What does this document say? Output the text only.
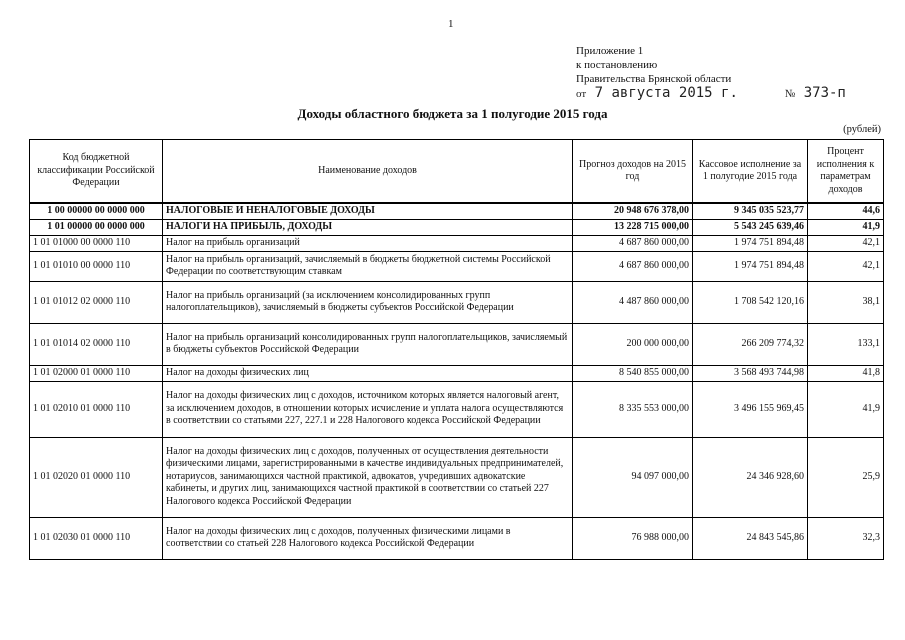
1
Приложение 1
к постановлению
Правительства Брянской области
от 7 августа 2015 г.	№ 373-п
Доходы областного бюджета за 1 полугодие 2015 года
(рублей)
Код бюджетной классификации Российской Федерации	Наименование доходов	Прогноз доходов на 2015 год	Кассовое исполнение за 1 полугодие 2015 года	Процент исполнения к параметрам доходов
1 00 00000 00 0000 000	НАЛОГОВЫЕ И НЕНАЛОГОВЫЕ ДОХОДЫ	20 948 676 378,00	9 345 035 523,77	44,6
1 01 00000 00 0000 000	НАЛОГИ НА ПРИБЫЛЬ, ДОХОДЫ	13 228 715 000,00	5 543 245 639,46	41,9
1 01 01000 00 0000 110	Налог на прибыль организаций	4 687 860 000,00	1 974 751 894,48	42,1
1 01 01010 00 0000 110	Налог на прибыль организаций, зачисляемый в бюджеты бюджетной системы Российской Федерации по соответствующим ставкам	4 687 860 000,00	1 974 751 894,48	42,1
1 01 01012 02 0000 110	Налог на прибыль организаций (за исключением консолидированных групп налогоплательщиков), зачисляемый в бюджеты субъектов Российской Федерации	4 487 860 000,00	1 708 542 120,16	38,1
1 01 01014 02 0000 110	Налог на прибыль организаций консолидированных групп налогоплательщиков, зачисляемый в бюджеты субъектов Российской Федерации	200 000 000,00	266 209 774,32	133,1
1 01 02000 01 0000 110	Налог на доходы физических лиц	8 540 855 000,00	3 568 493 744,98	41,8
1 01 02010 01 0000 110	Налог на доходы физических лиц с доходов, источником которых является налоговый агент, за исключением доходов, в отношении которых исчисление и уплата налога осуществляются в соответствии со статьями 227, 227.1 и 228 Налогового кодекса Российской Федерации	8 335 553 000,00	3 496 155 969,45	41,9
1 01 02020 01 0000 110	Налог на доходы физических лиц с доходов, полученных от осуществления деятельности физическими лицами, зарегистрированными в качестве индивидуальных предпринимателей, нотариусов, занимающихся частной практикой, адвокатов, учредивших адвокатские кабинеты, и других лиц, занимающихся частной практикой в соответствии со статьей 227 Налогового кодекса Российской Федерации	94 097 000,00	24 346 928,60	25,9
1 01 02030 01 0000 110	Налог на доходы физических лиц с доходов, полученных физическими лицами в соответствии со статьей 228 Налогового кодекса Российской Федерации	76 988 000,00	24 843 545,86	32,3
